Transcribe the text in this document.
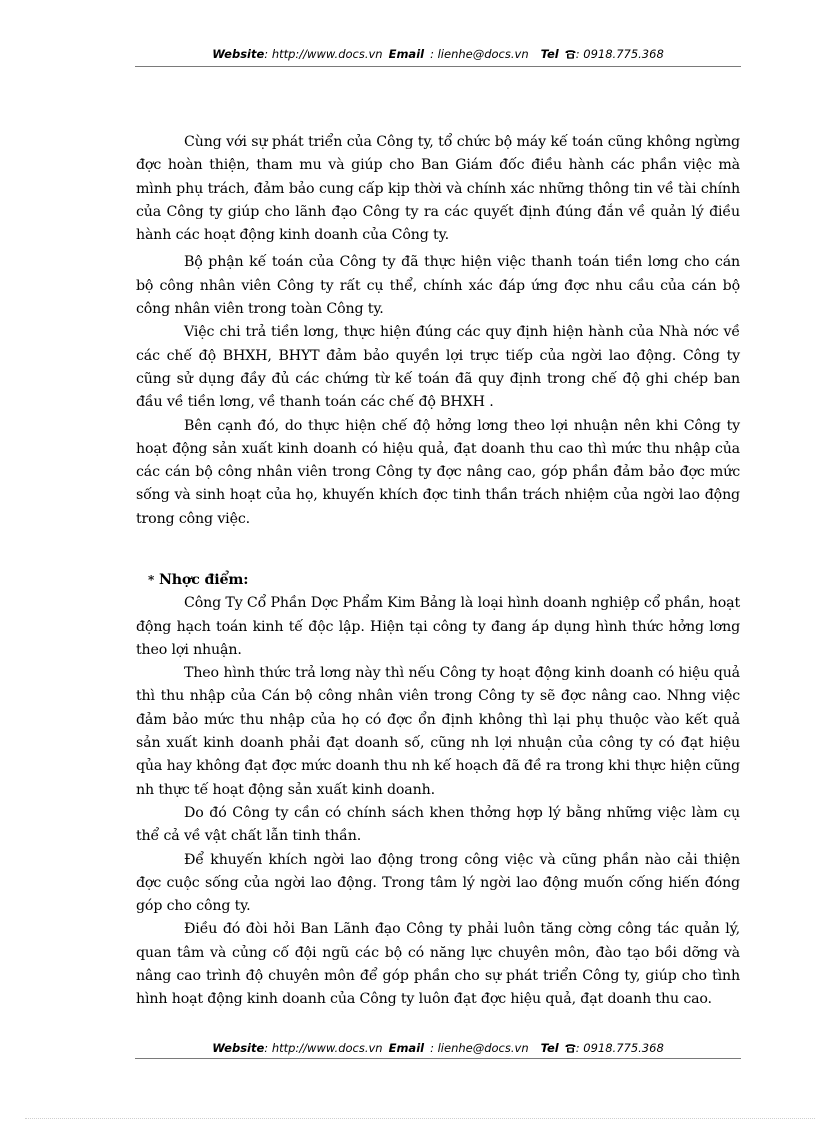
Website: http://www.docs.vn Email : lienhe@docs.vn Tel : 0918.775.368

Cùng với sự phát triển của Công ty, tổ chức bộ máy kế toán cũng không ngừng đợc hoàn thiện, tham mu và giúp cho Ban Giám đốc điều hành các phần việc mà mình phụ trách, đảm bảo cung cấp kịp thời và chính xác những thông tin về tài chính của Công ty giúp cho lãnh đạo Công ty ra các quyết định đúng đắn về quản lý điều hành các hoạt động kinh doanh của Công ty.

Bộ phận kế toán của Công ty đã thực hiện việc thanh toán tiền lơng cho cán bộ công nhân viên Công ty rất cụ thể, chính xác đáp ứng đợc nhu cầu của cán bộ công nhân viên trong toàn Công ty.

Việc chi trả tiền lơng, thực hiện đúng các quy định hiện hành của Nhà nớc về các chế độ BHXH, BHYT đảm bảo quyền lợi trực tiếp của ngời lao động. Công ty cũng sử dụng đầy đủ các chứng từ kế toán đã quy định trong chế độ ghi chép ban đầu về tiền lơng, về thanh toán các chế độ BHXH .

Bên cạnh đó, do thực hiện chế độ hởng lơng theo lợi nhuận nên khi Công ty hoạt động sản xuất kinh doanh có hiệu quả, đạt doanh thu cao thì mức thu nhập của các cán bộ công nhân viên trong Công ty đợc nâng cao, góp phần đảm bảo đợc mức sống và sinh hoạt của họ, khuyến khích đợc tinh thần trách nhiệm của ngời lao động trong công việc.

* Nhợc điểm:

Công Ty Cổ Phần Dợc Phẩm Kim Bảng là loại hình doanh nghiệp cổ phần, hoạt động hạch toán kinh tế độc lập. Hiện tại công ty đang áp dụng hình thức hởng lơng theo lợi nhuận.

Theo hình thức trả lơng này thì nếu Công ty hoạt động kinh doanh có hiệu quả thì thu nhập của Cán bộ công nhân viên trong Công ty sẽ đợc nâng cao. Nhng việc đảm bảo mức thu nhập của họ có đợc ổn định không thì lại phụ thuộc vào kết quả sản xuất kinh doanh phải đạt doanh số, cũng nh lợi nhuận của công ty có đạt hiệu qủa hay không đạt đợc mức doanh thu nh kế hoạch đã đề ra trong khi thực hiện cũng nh thực tế hoạt động sản xuất kinh doanh.

Do đó Công ty cần có chính sách khen thởng hợp lý bằng những việc làm cụ thể cả về vật chất lẫn tinh thần.

Để khuyến khích ngời lao động trong công việc và cũng phần nào cải thiện đợc cuộc sống của ngời lao động. Trong tâm lý ngời lao động muốn cống hiến đóng góp cho công ty.

Điều đó đòi hỏi Ban Lãnh đạo Công ty phải luôn tăng cờng công tác quản lý, quan tâm và củng cố đội ngũ các bộ có năng lực chuyên môn, đào tạo bồi dỡng và nâng cao trình độ chuyên môn để góp phần cho sự phát triển Công ty, giúp cho tình hình hoạt động kinh doanh của Công ty luôn đạt đợc hiệu quả, đạt doanh thu cao.

Website: http://www.docs.vn Email : lienhe@docs.vn Tel : 0918.775.368
